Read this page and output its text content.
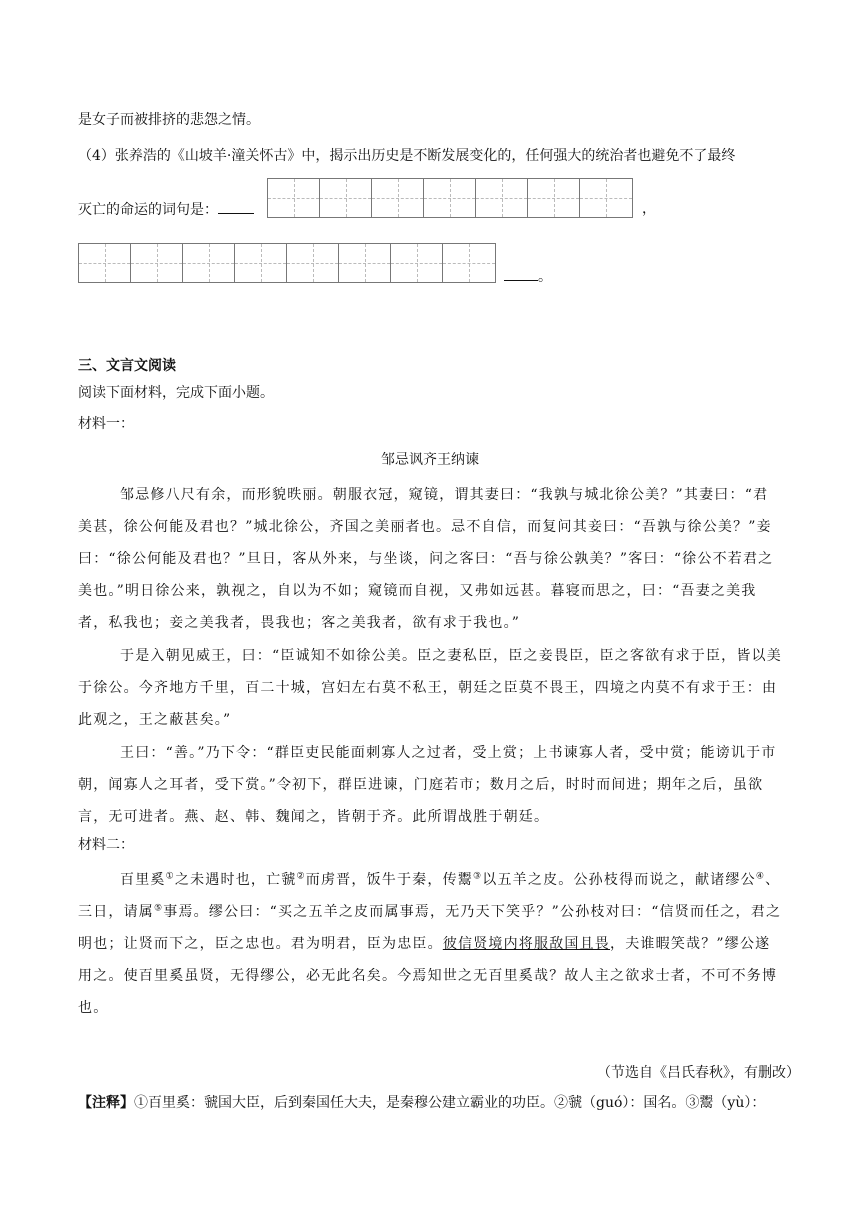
是女子而被排挤的悲怨之情。
（4）张养浩的《山坡羊·潼关怀古》中，揭示出历史是不断发展变化的，任何强大的统治者也避免不了最终
灭亡的命运的词句是：	，
。
三、文言文阅读
阅读下面材料，完成下面小题。
材料一：
邹忌讽齐王纳谏
邹忌修八尺有余，而形貌昳丽。朝服衣冠，窥镜，谓其妻曰：“我孰与城北徐公美？”其妻曰：“君美甚，徐公何能及君也？”城北徐公，齐国之美丽者也。忌不自信，而复问其妾曰：“吾孰与徐公美？”妾曰：“徐公何能及君也？”旦日，客从外来，与坐谈，问之客曰：“吾与徐公孰美？”客曰：“徐公不若君之美也。”明日徐公来，孰视之，自以为不如；窥镜而自视，又弗如远甚。暮寝而思之，曰：“吾妻之美我者，私我也；妾之美我者，畏我也；客之美我者，欲有求于我也。”
于是入朝见威王，曰：“臣诚知不如徐公美。臣之妻私臣，臣之妾畏臣，臣之客欲有求于臣，皆以美于徐公。今齐地方千里，百二十城，宫妇左右莫不私王，朝廷之臣莫不畏王，四境之内莫不有求于王：由此观之，王之蔽甚矣。”
王曰：“善。”乃下令：“群臣吏民能面刺寡人之过者，受上赏；上书谏寡人者，受中赏；能谤讥于市朝，闻寡人之耳者，受下赏。”令初下，群臣进谏，门庭若市；数月之后，时时而间进；期年之后，虽欲言，无可进者。燕、赵、韩、魏闻之，皆朝于齐。此所谓战胜于朝廷。
材料二：
百里奚①之未遇时也，亡虢②而虏晋，饭牛于秦，传鬻③以五羊之皮。公孙枝得而说之，献诸缪公④、三日，请属⑤事焉。缪公曰：“买之五羊之皮而属事焉，无乃天下笑乎？”公孙枝对曰：“信贤而任之，君之明也；让贤而下之，臣之忠也。君为明君，臣为忠臣。彼信贤境内将服敌国且畏，夫谁暇笑哉？”缪公遂用之。使百里奚虽贤，无得缪公，必无此名矣。今焉知世之无百里奚哉？故人主之欲求士者，不可不务博也。
（节选自《吕氏春秋》，有删改）
【注释】①百里奚：虢国大臣，后到秦国任大夫，是秦穆公建立霸业的功臣。②虢（guó）：国名。③鬻（yù）：
